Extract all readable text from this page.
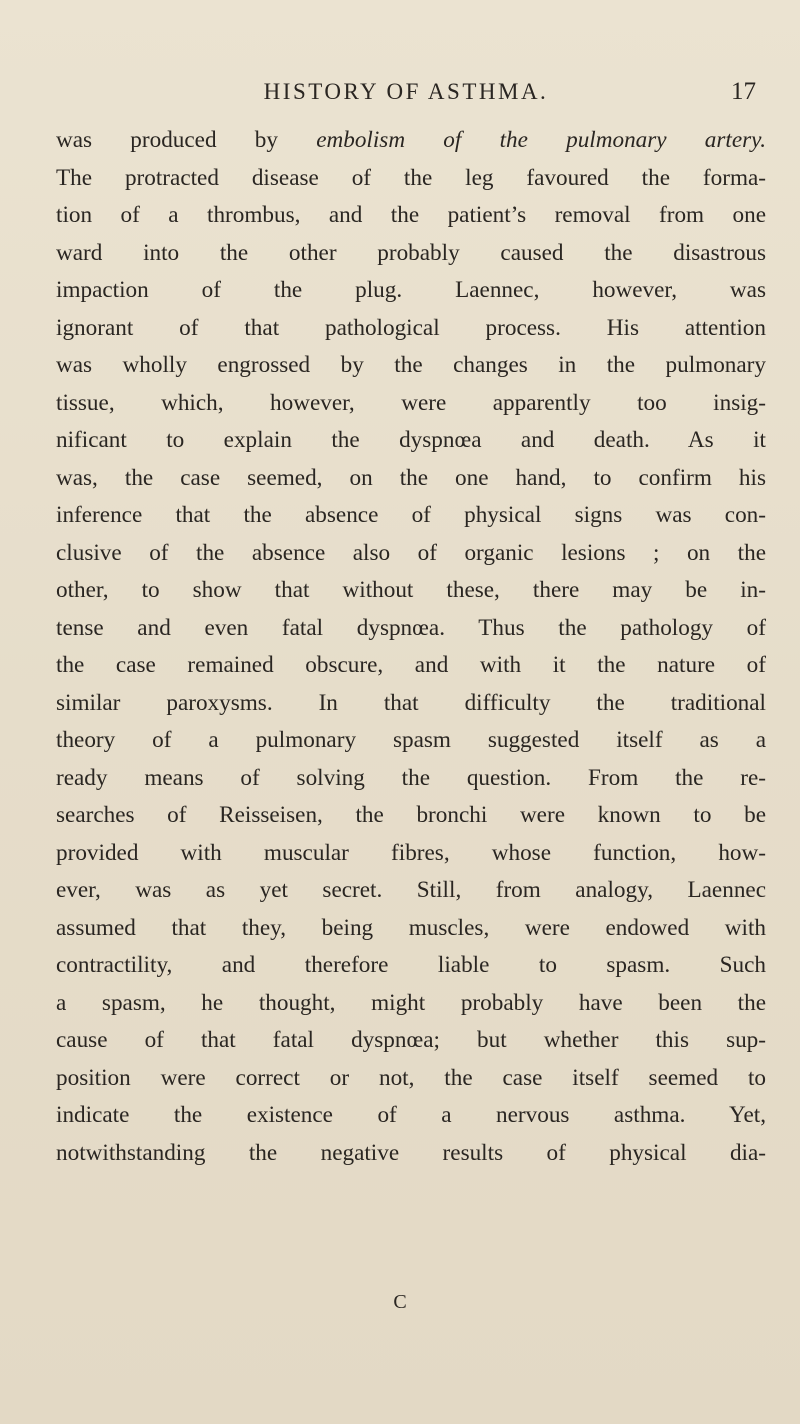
HISTORY OF ASTHMA.	17
was produced by embolism of the pulmonary artery.
The protracted disease of the leg favoured the forma-
tion of a thrombus, and the patient’s removal from one
ward into the other probably caused the disastrous
impaction of the plug. Laennec, however, was
ignorant of that pathological process. His attention
was wholly engrossed by the changes in the pulmonary
tissue, which, however, were apparently too insig-
nificant to explain the dyspnœa and death. As it
was, the case seemed, on the one hand, to confirm his
inference that the absence of physical signs was con-
clusive of the absence also of organic lesions ; on the
other, to show that without these, there may be in-
tense and even fatal dyspnœa. Thus the pathology of
the case remained obscure, and with it the nature of
similar paroxysms. In that difficulty the traditional
theory of a pulmonary spasm suggested itself as a
ready means of solving the question. From the re-
searches of Reisseisen, the bronchi were known to be
provided with muscular fibres, whose function, how-
ever, was as yet secret. Still, from analogy, Laennec
assumed that they, being muscles, were endowed with
contractility, and therefore liable to spasm. Such
a spasm, he thought, might probably have been the
cause of that fatal dyspnœa; but whether this sup-
position were correct or not, the case itself seemed to
indicate the existence of a nervous asthma. Yet,
notwithstanding the negative results of physical dia-
C
